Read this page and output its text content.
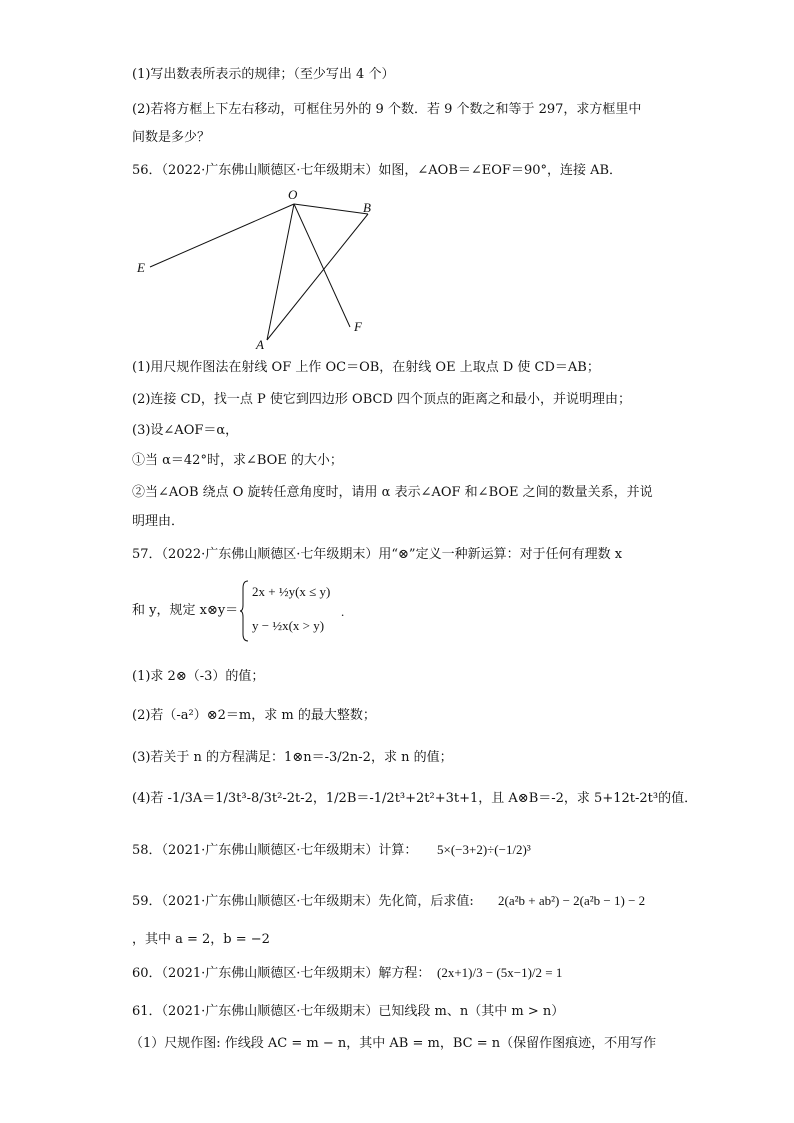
(1)写出数表所表示的规律；（至少写出 4 个）
(2)若将方框上下左右移动，可框住另外的 9 个数．若 9 个数之和等于 297，求方框里中
间数是多少？
56．（2022·广东佛山顺德区·七年级期末）如图，∠AOB＝∠EOF＝90°，连接 AB．
O
B
E
A
F
(1)用尺规作图法在射线 OF 上作 OC＝OB，在射线 OE 上取点 D 使 CD＝AB；
(2)连接 CD，找一点 P 使它到四边形 OBCD 四个顶点的距离之和最小，并说明理由；
(3)设∠AOF＝α，
①当 α＝42°时，求∠BOE 的大小；
②当∠AOB 绕点 O 旋转任意角度时，请用 α 表示∠AOF 和∠BOE 之间的数量关系，并说
明理由．
57．（2022·广东佛山顺德区·七年级期末）用“⊗”定义一种新运算：对于任何有理数 x
和 y，规定 x⊗y＝
2x + ½y(x ≤ y)
y − ½x(x > y)
.
(1)求 2⊗（-3）的值；
(2)若（-a²）⊗2＝m，求 m 的最大整数；
(3)若关于 n 的方程满足：1⊗n＝-3/2n-2，求 n 的值；
(4)若 -1/3A＝1/3t³-8/3t²-2t-2，1/2B＝-1/2t³+2t²+3t+1，且 A⊗B＝-2，求 5+12t-2t³的值．
58．（2021·广东佛山顺德区·七年级期末）计算： 5×(−3+2)÷(−1/2)³
59．（2021·广东佛山顺德区·七年级期末）先化简，后求值: 2(a²b + ab²) − 2(a²b − 1) − 2
，其中 a = 2，b = −2
60．（2021·广东佛山顺德区·七年级期末）解方程： (2x+1)/3 − (5x−1)/2 = 1
61．（2021·广东佛山顺德区·七年级期末）已知线段 m、n（其中 m > n）
（1）尺规作图: 作线段 AC = m − n，其中 AB = m，BC = n（保留作图痕迹，不用写作
